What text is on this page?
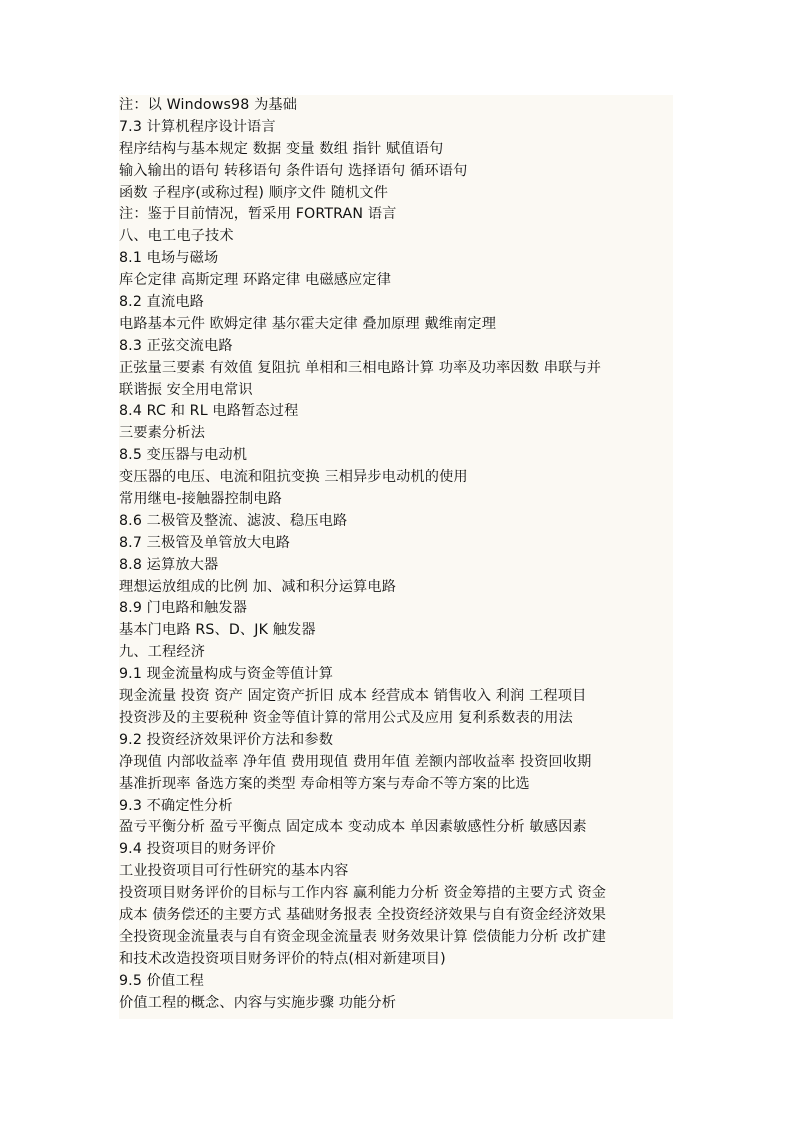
注：以 Windows98 为基础
7.3 计算机程序设计语言
程序结构与基本规定 数据 变量 数组 指针 赋值语句
输入输出的语句 转移语句 条件语句 选择语句 循环语句
函数 子程序(或称过程) 顺序文件 随机文件
注：鉴于目前情况，暂采用 FORTRAN 语言
八、电工电子技术
8.1 电场与磁场
库仑定律 高斯定理 环路定律 电磁感应定律
8.2 直流电路
电路基本元件 欧姆定律 基尔霍夫定律 叠加原理 戴维南定理
8.3 正弦交流电路
正弦量三要素 有效值 复阻抗 单相和三相电路计算 功率及功率因数 串联与并
联谐振 安全用电常识
8.4 RC 和 RL 电路暂态过程
三要素分析法
8.5 变压器与电动机
变压器的电压、电流和阻抗变换 三相异步电动机的使用
常用继电-接触器控制电路
8.6 二极管及整流、滤波、稳压电路
8.7 三极管及单管放大电路
8.8 运算放大器
理想运放组成的比例 加、减和积分运算电路
8.9 门电路和触发器
基本门电路 RS、D、JK 触发器
九、工程经济
9.1 现金流量构成与资金等值计算
现金流量 投资 资产 固定资产折旧 成本 经营成本 销售收入 利润 工程项目
投资涉及的主要税种 资金等值计算的常用公式及应用 复利系数表的用法
9.2 投资经济效果评价方法和参数
净现值 内部收益率 净年值 费用现值 费用年值 差额内部收益率 投资回收期
基准折现率 备选方案的类型 寿命相等方案与寿命不等方案的比选
9.3 不确定性分析
盈亏平衡分析 盈亏平衡点 固定成本 变动成本 单因素敏感性分析 敏感因素
9.4 投资项目的财务评价
工业投资项目可行性研究的基本内容
投资项目财务评价的目标与工作内容 赢利能力分析 资金筹措的主要方式 资金
成本 债务偿还的主要方式 基础财务报表 全投资经济效果与自有资金经济效果
全投资现金流量表与自有资金现金流量表 财务效果计算 偿债能力分析 改扩建
和技术改造投资项目财务评价的特点(相对新建项目)
9.5 价值工程
价值工程的概念、内容与实施步骤 功能分析
